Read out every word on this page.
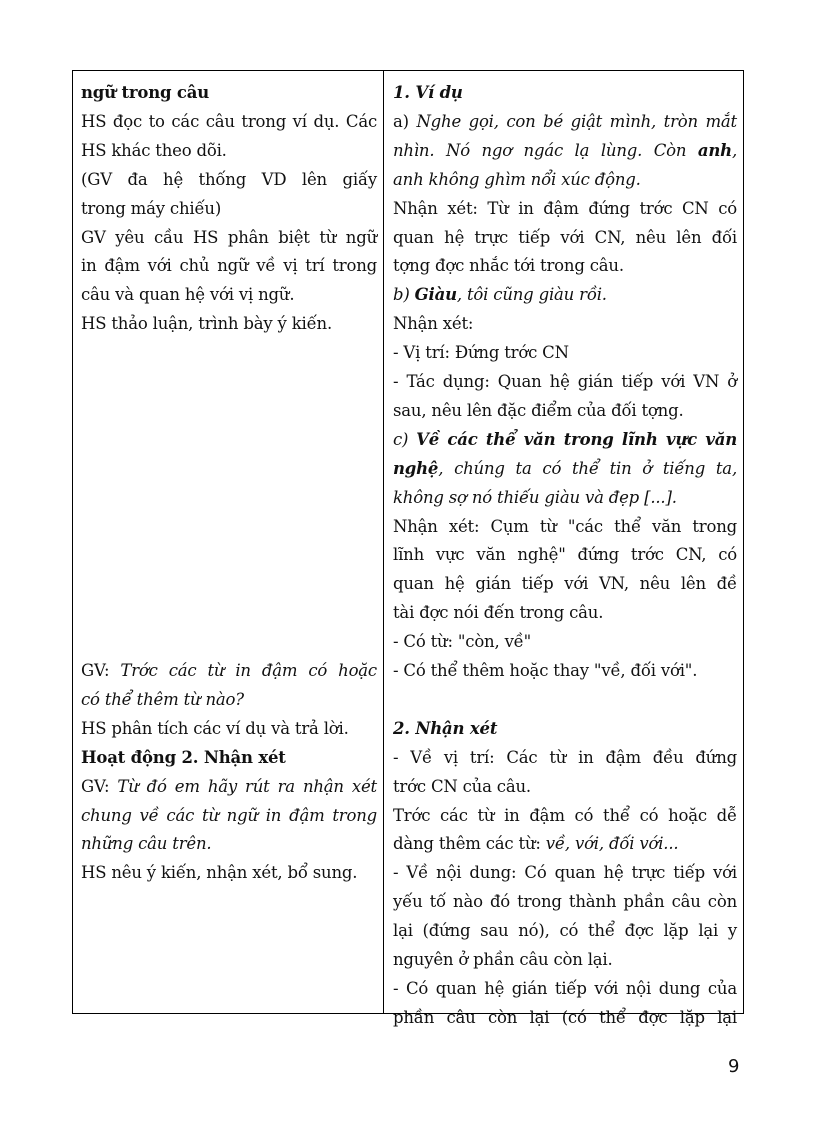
ngữ trong câu
HS đọc to các câu trong ví dụ. Các
HS khác theo dõi.
(GV đa hệ thống VD lên giấy
trong máy chiếu)
GV yêu cầu HS phân biệt từ ngữ
in đậm với chủ ngữ về vị trí trong
câu và quan hệ với vị ngữ.
HS thảo luận, trình bày ý kiến.
GV: Trớc các từ in đậm có hoặc
có thể thêm từ nào?
HS phân tích các ví dụ và trả lời.
Hoạt động 2. Nhận xét
GV: Từ đó em hãy rút ra nhận xét
chung về các từ ngữ in đậm trong
những câu trên.
HS nêu ý kiến, nhận xét, bổ sung.
1. Ví dụ
a) Nghe gọi, con bé giật mình, tròn mắt
nhìn. Nó ngơ ngác lạ lùng. Còn anh,
anh không ghìm nổi xúc động.
Nhận xét: Từ in đậm đứng trớc CN có
quan hệ trực tiếp với CN, nêu lên đối
tợng đợc nhắc tới trong câu.
b) Giàu, tôi cũng giàu rồi.
Nhận xét:
- Vị trí: Đứng trớc CN
- Tác dụng: Quan hệ gián tiếp với VN ở
sau, nêu lên đặc điểm của đối tợng.
c) Về các thể văn trong lĩnh vực văn
nghệ, chúng ta có thể tin ở tiếng ta,
không sợ nó thiếu giàu và đẹp [...].
Nhận xét: Cụm từ "các thể văn trong
lĩnh vực văn nghệ" đứng trớc CN, có
quan hệ gián tiếp với VN, nêu lên đề
tài đợc nói đến trong câu.
- Có từ: "còn, về"
- Có thể thêm hoặc thay "về, đối với".
2. Nhận xét
- Về vị trí: Các từ in đậm đều đứng
trớc CN của câu.
Trớc các từ in đậm có thể có hoặc dễ
dàng thêm các từ: về, với, đối với...
- Về nội dung: Có quan hệ trực tiếp với
yếu tố nào đó trong thành phần câu còn
lại (đứng sau nó), có thể đợc lặp lại y
nguyên ở phần câu còn lại.
- Có quan hệ gián tiếp với nội dung của
phần câu còn lại (có thể đợc lặp lại
9
